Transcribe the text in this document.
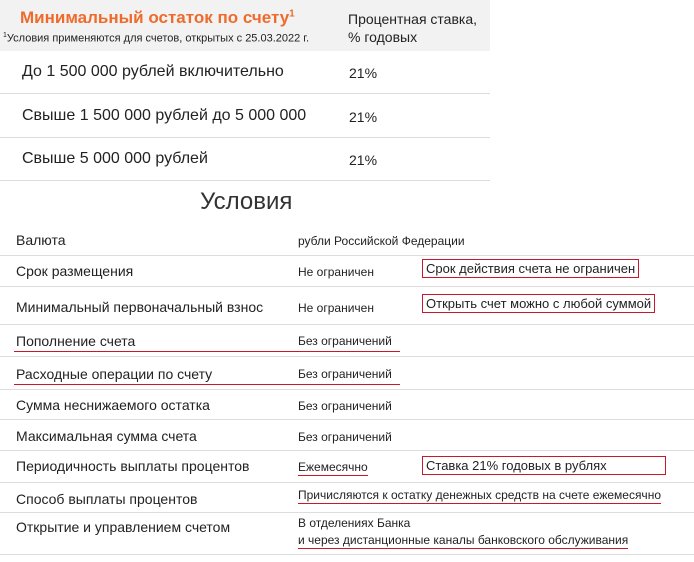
Минимальный остаток по счету$^1$
$^1$Условия применяются для счетов, открытых с 25.03.2022 г.
Процентная ставка,
% годовых
До 1 500 000 рублей включительно	21%
Свыше 1 500 000 рублей до 5 000 000	21%
Свыше 5 000 000 рублей	21%
Условия
Валюта	рубли Российской Федерации
Срок размещения	Не ограничен	Срок действия счета не ограничен
Минимальный первоначальный взнос	Не ограничен	Открыть счет можно с любой суммой
Пополнение счета	Без ограничений
Расходные операции по счету	Без ограничений
Сумма неснижаемого остатка	Без ограничений
Максимальная сумма счета	Без ограничений
Периодичность выплаты процентов	Ежемесячно	Ставка 21% годовых в рублях
Способ выплаты процентов	Причисляются к остатку денежных средств на счете ежемесячно
Открытие и управлением счетом	В отделениях Банка
и через дистанционные каналы банковского обслуживания
